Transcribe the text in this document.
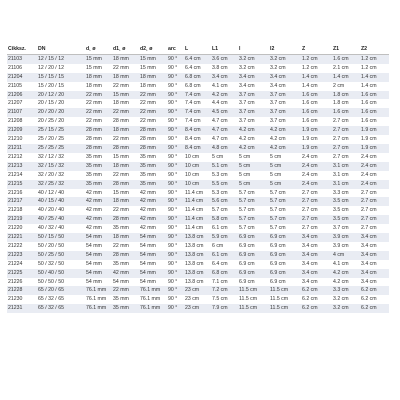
Cikksz.	DN	d¸ ø	d1¸ ø	d2¸ ø	arc	L	L1	l	l2	Z	Z1	Z2
21103	12 / 15 / 12	15 mm	18 mm	15 mm	90 °	6.4 cm	3.6 cm	3.2 cm	3.2 cm	1.2 cm	1.6 cm	1.2 cm
21106	12 / 20 / 12	15 mm	22 mm	15 mm	90 °	6.4 cm	3.8 cm	3.2 cm	3.2 cm	1.2 cm	2.1 cm	1.2 cm
21204	15 / 15 / 15	18 mm	18 mm	18 mm	90 °	6.8 cm	3.4 cm	3.4 cm	3.4 cm	1.4 cm	1.4 cm	1.4 cm
21105	15 / 20 / 15	18 mm	22 mm	18 mm	90 °	6.8 cm	4.1 cm	3.4 cm	3.4 cm	1.4 cm	2 cm	1.4 cm
21206	20 / 12 / 20	22 mm	15 mm	22 mm	90 °	7.4 cm	4.2 cm	3.7 cm	3.7 cm	1.6 cm	1.8 cm	1.6 cm
21207	20 / 15 / 20	22 mm	18 mm	22 mm	90 °	7.4 cm	4.4 cm	3.7 cm	3.7 cm	1.6 cm	1.8 cm	1.6 cm
21107	20 / 20 / 20	22 mm	22 mm	22 mm	90 °	7.4 cm	4.5 cm	3.7 cm	3.7 cm	1.6 cm	1.6 cm	1.6 cm
21208	20 / 25 / 20	22 mm	28 mm	22 mm	90 °	7.4 cm	4.7 cm	3.7 cm	3.7 cm	1.6 cm	2.7 cm	1.6 cm
21209	25 / 15 / 25	28 mm	18 mm	28 mm	90 °	8.4 cm	4.7 cm	4.2 cm	4.2 cm	1.9 cm	2.7 cm	1.9 cm
21210	25 / 20 / 25	28 mm	22 mm	28 mm	90 °	8.4 cm	4.7 cm	4.2 cm	4.2 cm	1.9 cm	2.7 cm	1.9 cm
21211	25 / 25 / 25	28 mm	28 mm	28 mm	90 °	8.4 cm	4.8 cm	4.2 cm	4.2 cm	1.9 cm	2.7 cm	1.9 cm
21212	32 / 12 / 32	35 mm	15 mm	35 mm	90 °	10 cm	5 cm	5 cm	5 cm	2.4 cm	2.7 cm	2.4 cm
21213	32 / 15 / 32	35 mm	18 mm	35 mm	90 °	10 cm	5.1 cm	5 cm	5 cm	2.4 cm	3.1 cm	2.4 cm
21214	32 / 20 / 32	35 mm	22 mm	35 mm	90 °	10 cm	5.3 cm	5 cm	5 cm	2.4 cm	3.1 cm	2.4 cm
21215	32 / 25 / 32	35 mm	28 mm	35 mm	90 °	10 cm	5.5 cm	5 cm	5 cm	2.4 cm	3.1 cm	2.4 cm
21216	40 / 12 / 40	42 mm	15 mm	42 mm	90 °	11.4 cm	5.3 cm	5.7 cm	5.7 cm	2.7 cm	3.3 cm	2.7 cm
21217	40 / 15 / 40	42 mm	18 mm	42 mm	90 °	11.4 cm	5.6 cm	5.7 cm	5.7 cm	2.7 cm	3.5 cm	2.7 cm
21218	40 / 20 / 40	42 mm	22 mm	42 mm	90 °	11.4 cm	5.7 cm	5.7 cm	5.7 cm	2.7 cm	3.5 cm	2.7 cm
21219	40 / 25 / 40	42 mm	28 mm	42 mm	90 °	11.4 cm	5.8 cm	5.7 cm	5.7 cm	2.7 cm	3.5 cm	2.7 cm
21220	40 / 32 / 40	42 mm	35 mm	42 mm	90 °	11.4 cm	6.1 cm	5.7 cm	5.7 cm	2.7 cm	3.7 cm	2.7 cm
21221	50 / 15 / 50	54 mm	18 mm	54 mm	90 °	13.8 cm	5.9 cm	6.9 cm	6.9 cm	3.4 cm	3.9 cm	3.4 cm
21222	50 / 20 / 50	54 mm	22 mm	54 mm	90 °	13.8 cm	6 cm	6.9 cm	6.9 cm	3.4 cm	3.9 cm	3.4 cm
21223	50 / 25 / 50	54 mm	28 mm	54 mm	90 °	13.8 cm	6.1 cm	6.9 cm	6.9 cm	3.4 cm	4 cm	3.4 cm
21224	50 / 32 / 50	54 mm	35 mm	54 mm	90 °	13.8 cm	6.4 cm	6.9 cm	6.9 cm	3.4 cm	4.1 cm	3.4 cm
21225	50 / 40 / 50	54 mm	42 mm	54 mm	90 °	13.8 cm	6.8 cm	6.9 cm	6.9 cm	3.4 cm	4.2 cm	3.4 cm
21226	50 / 50 / 50	54 mm	54 mm	54 mm	90 °	13.8 cm	7.1 cm	6.9 cm	6.9 cm	3.4 cm	4.2 cm	3.4 cm
21228	65 / 20 / 65	76.1 mm	22 mm	76.1 mm	90 °	23 cm	7.2 cm	11.5 cm	11.5 cm	6.2 cm	3.3 cm	6.2 cm
21230	65 / 32 / 65	76.1 mm	35 mm	76.1 mm	90 °	23 cm	7.5 cm	11.5 cm	11.5 cm	6.2 cm	3.2 cm	6.2 cm
21231	65 / 32 / 65	76.1 mm	35 mm	76.1 mm	90 °	23 cm	7.9 cm	11.5 cm	11.5 cm	6.2 cm	3.2 cm	6.2 cm
